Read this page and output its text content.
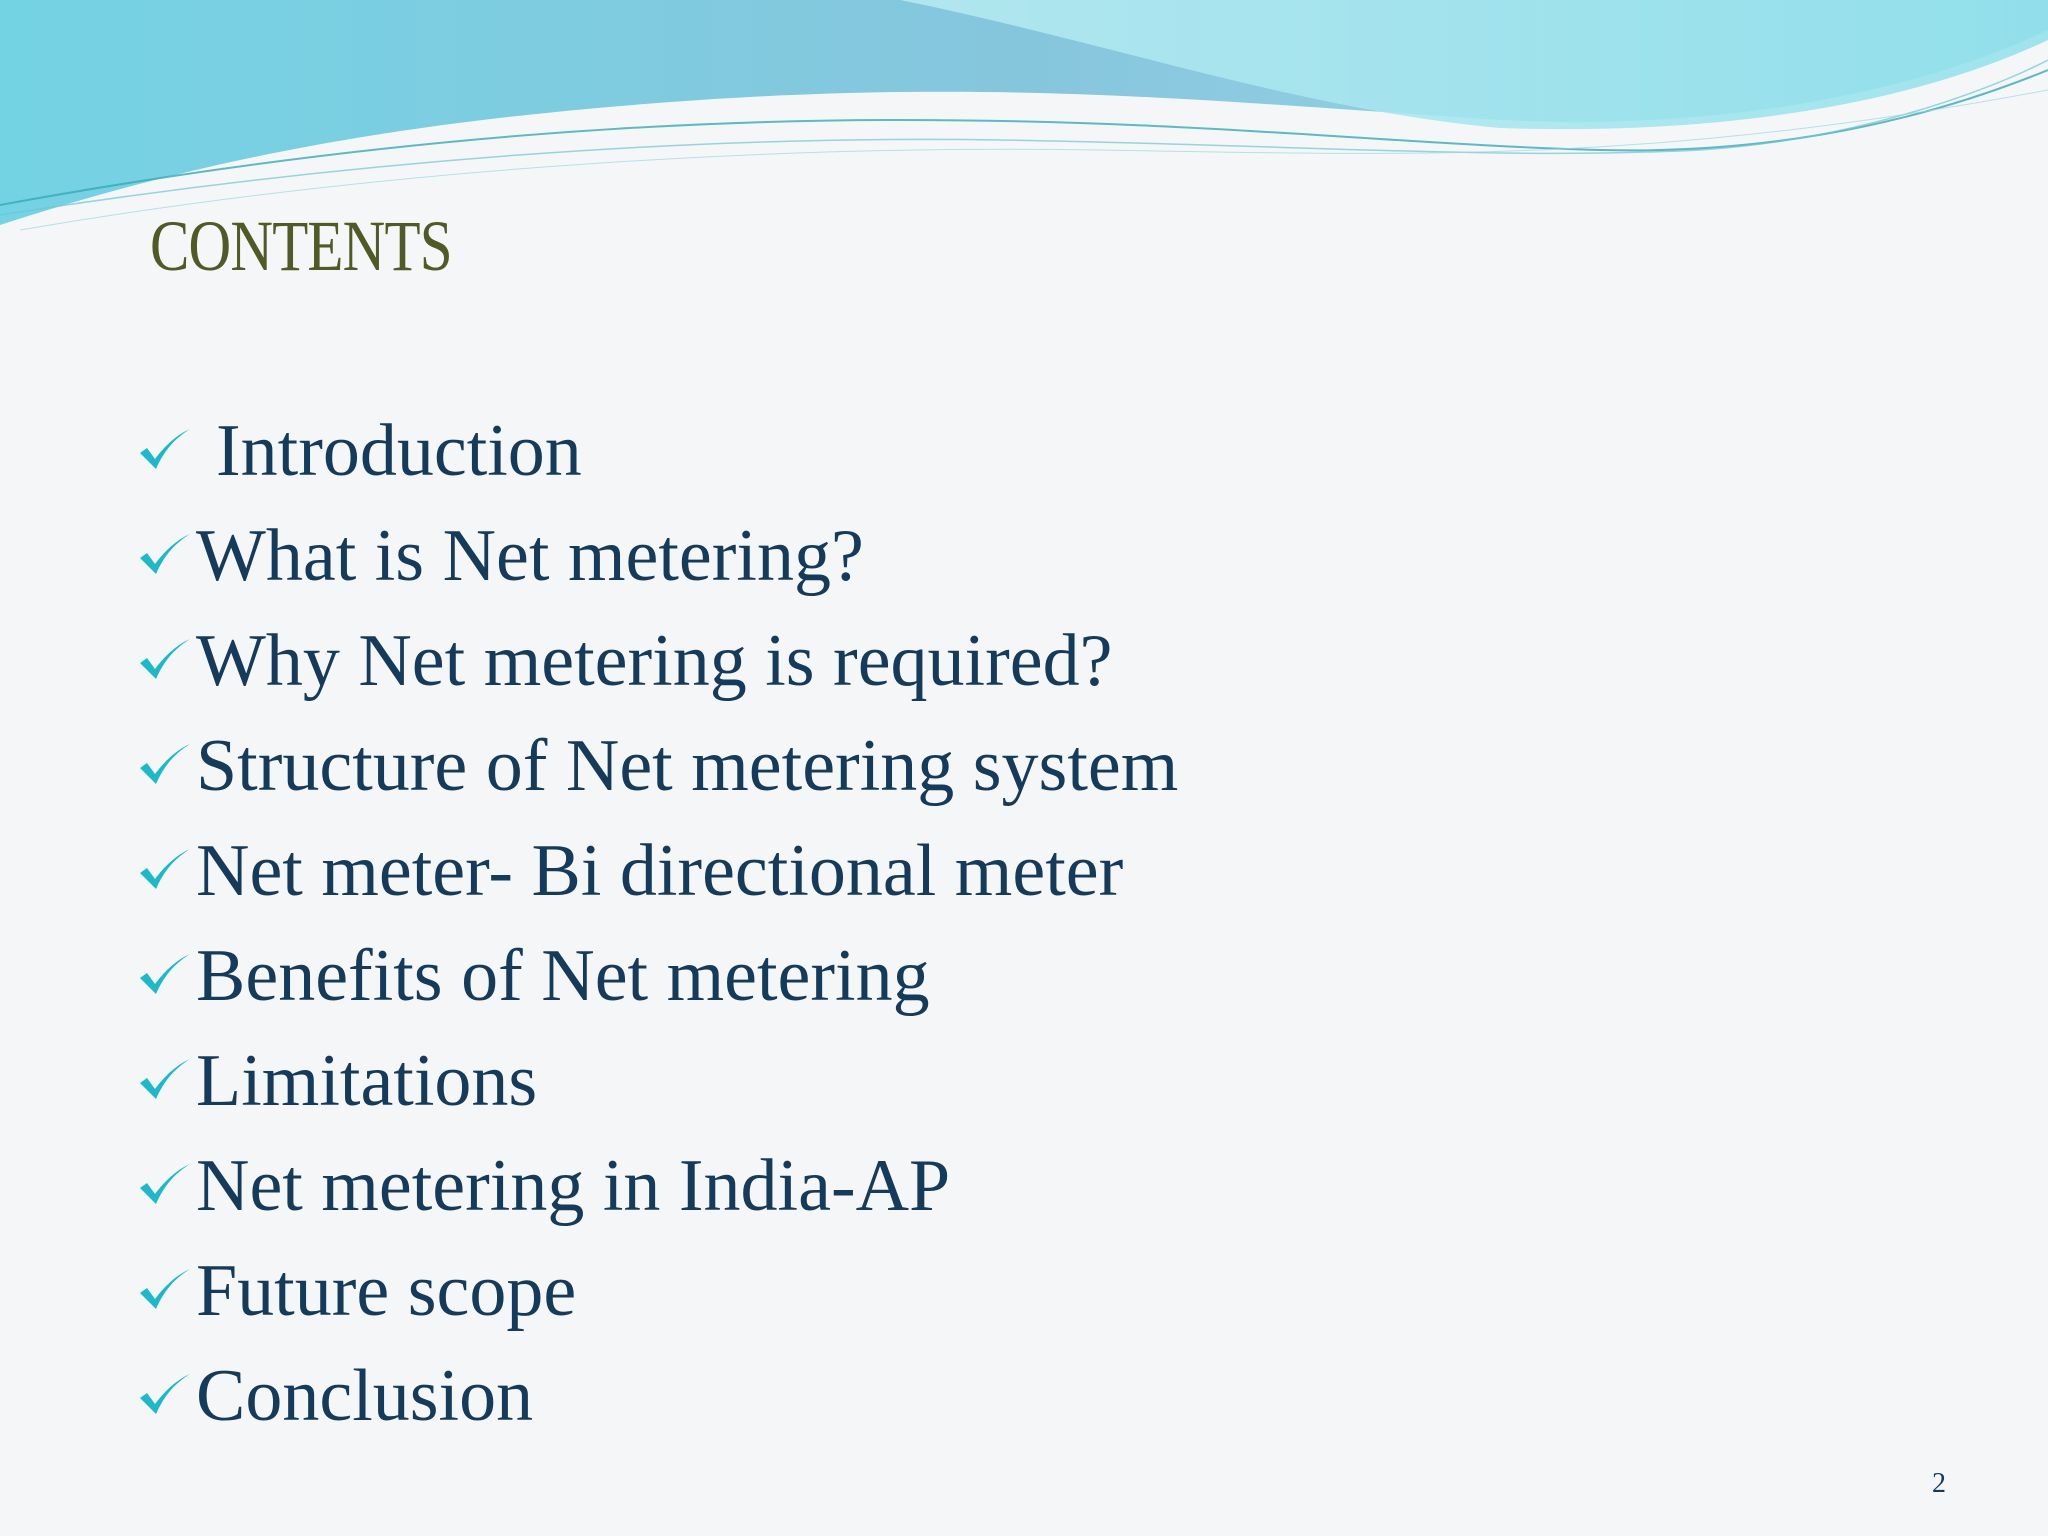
CONTENTS
Introduction
What is Net metering?
Why Net metering is required?
Structure of Net metering system
Net meter- Bi directional meter
Benefits of Net metering
Limitations
Net metering in India-AP
Future scope
Conclusion
2
